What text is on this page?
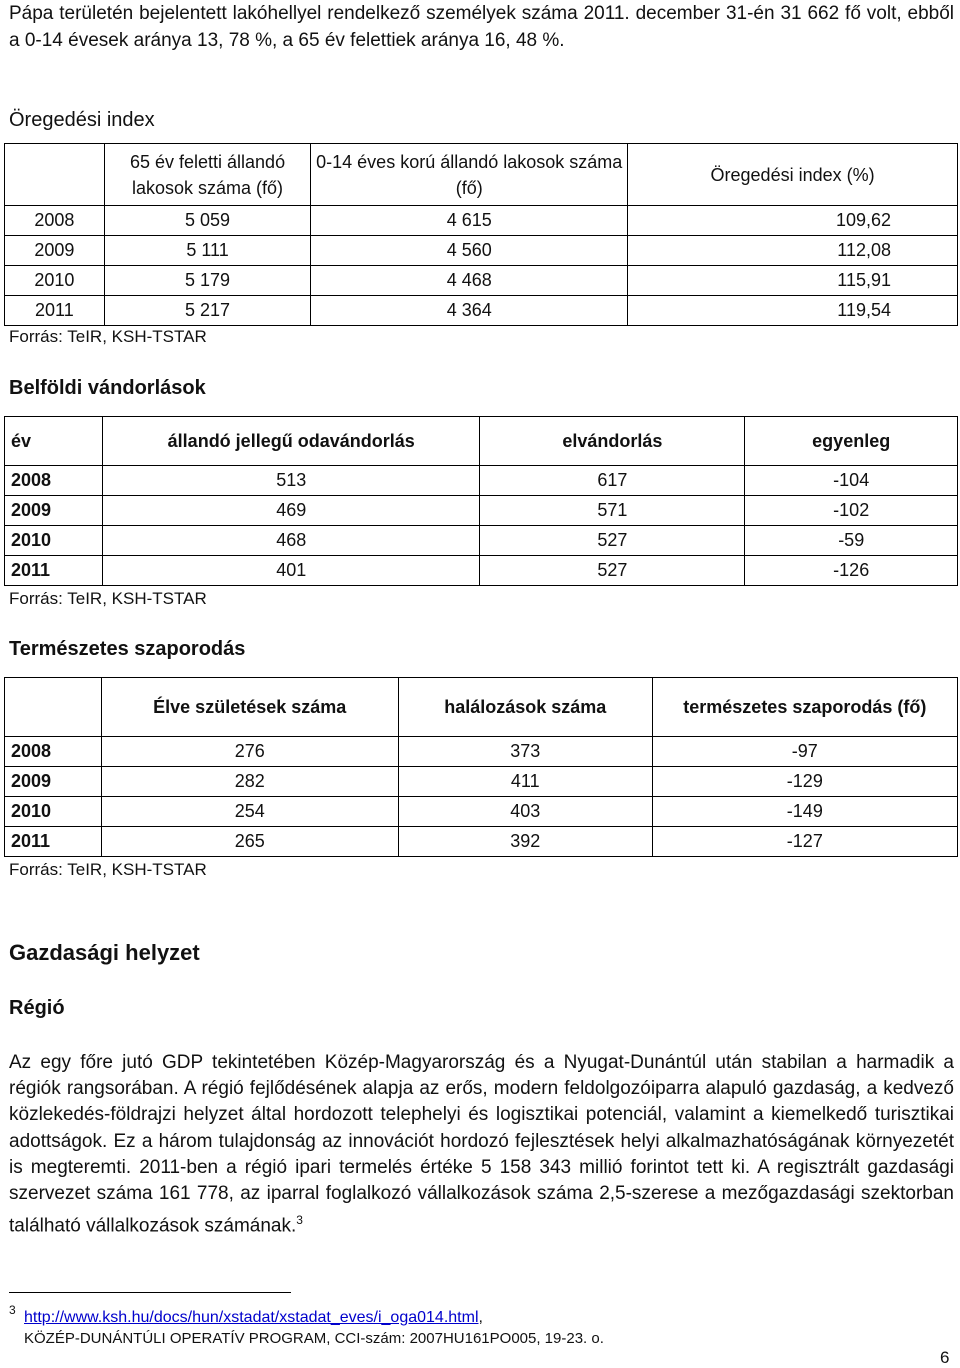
Pápa területén bejelentett lakóhellyel rendelkező személyek száma 2011. december 31-én 31 662 fő volt, ebből a 0-14 évesek aránya 13, 78 %, a 65 év felettiek aránya 16, 48 %.
Öregedési index
	65 év feletti állandó lakosok száma (fő)	0-14 éves korú állandó lakosok száma (fő)	Öregedési index (%)
2008	5 059	4 615	109,62
2009	5 111	4 560	112,08
2010	5 179	4 468	115,91
2011	5 217	4 364	119,54
Forrás: TeIR, KSH-TSTAR
Belföldi vándorlások
év	állandó jellegű odavándorlás	elvándorlás	egyenleg
2008	513	617	-104
2009	469	571	-102
2010	468	527	-59
2011	401	527	-126
Forrás: TeIR, KSH-TSTAR
Természetes szaporodás
	Élve születések száma	halálozások száma	természetes szaporodás (fő)
2008	276	373	-97
2009	282	411	-129
2010	254	403	-149
2011	265	392	-127
Forrás: TeIR, KSH-TSTAR
Gazdasági helyzet
Régió
Az egy főre jutó GDP tekintetében Közép-Magyarország és a Nyugat-Dunántúl után stabilan a harmadik a régiók rangsorában. A régió fejlődésének alapja az erős, modern feldolgozóiparra alapuló gazdaság, a kedvező közlekedés-földrajzi helyzet által hordozott telephelyi és logisztikai potenciál, valamint a kiemelkedő turisztikai adottságok. Ez a három tulajdonság az innovációt hordozó fejlesztések helyi alkalmazhatóságának környezetét is megteremti. 2011-ben a régió ipari termelés értéke 5 158 343 millió forintot tett ki. A regisztrált gazdasági szervezet száma 161 778, az iparral foglalkozó vállalkozások száma 2,5-szerese a mezőgazdasági szektorban található vállalkozások számának.$^3$
3 http://www.ksh.hu/docs/hun/xstadat/xstadat_eves/i_oga014.html,
KÖZÉP-DUNÁNTÚLI OPERATÍV PROGRAM, CCI-szám: 2007HU161PO005, 19-23. o.
6
